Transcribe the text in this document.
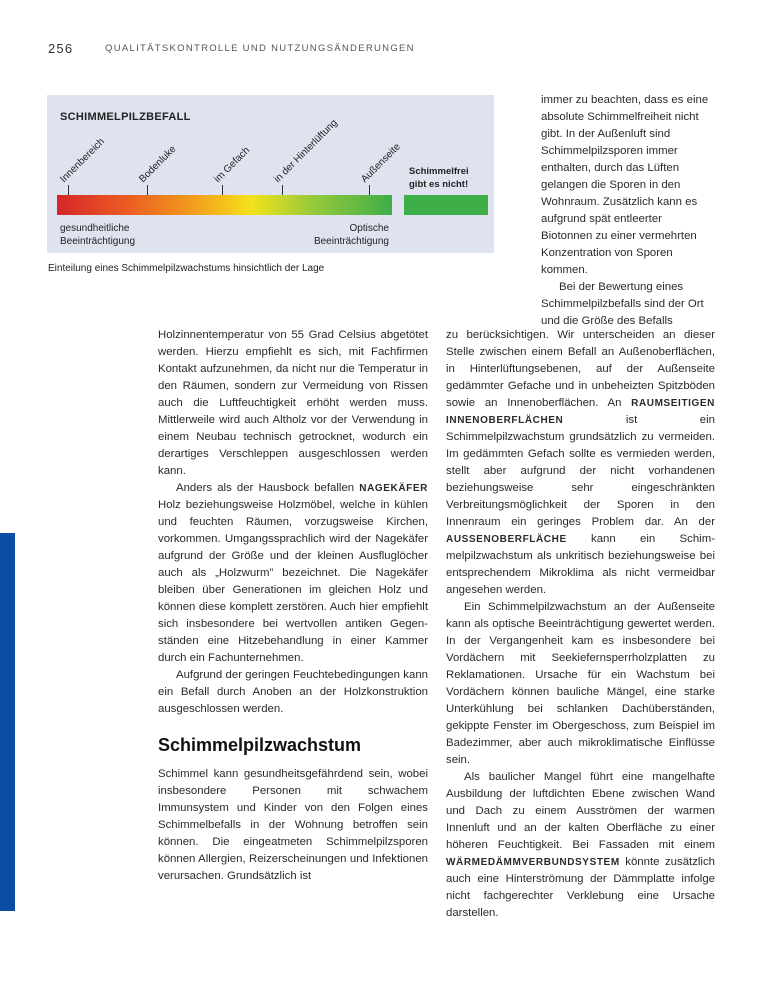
256	QUALITÄTSKONTROLLE UND NUTZUNGSÄNDERUNGEN
SCHIMMELPILZBEFALL
Innenbereich	Bodenluke	im Gefach in der Hinterlüftung Außenseite Schimmelfrei
gibt es nicht!
gesundheitliche
Beeinträchtigung
Optische
Beeinträchtigung
Einteilung eines Schimmelpilzwachstums hinsichtlich der Lage

immer zu beachten, dass es eine absolute Schimmelfreiheit nicht gibt. In der Außenluft sind Schimmelpilzsporen immer enthalten, durch das Lüften gelangen die Sporen in den Wohnraum. Zusätzlich kann es aufgrund spät entleerter Biotonnen zu einer vermehrten Konzentration von Sporen kommen.

Bei der Bewertung eines Schimmelpilzbefalls sind der Ort und die Größe des Befalls

Holzinnentemperatur von 55 Grad Celsius abgetötet werden. Hierzu empfiehlt es sich, mit Fachfirmen Kontakt aufzunehmen, da nicht nur die Temperatur in den Räumen, sondern zur Vermeidung von Rissen auch die Luftfeuchtigkeit erhöht werden muss. Mittlerweile wird auch Altholz vor der Verwendung in einem Neubau technisch getrocknet, wodurch ein derartiges Verschleppen ausgeschlossen werden kann.

Anders als der Hausbock befallen NAGEKÄFER Holz beziehungsweise Holzmöbel, welche in kühlen und feuchten Räumen, vorzugsweise Kirchen, vorkommen. Umgangssprachlich wird der Nagekäfer aufgrund der Größe und der kleinen Ausfluglöcher auch als „Holzwurm” bezeichnet. Die Nagekäfer bleiben über Generationen im gleichen Holz und können diese komplett zerstören. Auch hier empfiehlt sich insbesondere bei wertvollen antiken Gegenständen eine Hitzebehandlung in einer Kammer durch ein Fachunternehmen.

Aufgrund der geringen Feuchtebedingungen kann ein Befall durch Anoben an der Holzkonstruktion ausgeschlossen werden.

Schimmelpilzwachstum

Schimmel kann gesundheitsgefährdend sein, wobei insbesondere Personen mit schwachem Immunsystem und Kinder von den Folgen eines Schimmelbefalls in der Wohnung betroffen sein können. Die eingeatmeten Schimmelpilzsporen können Allergien, Reizerscheinungen und Infektionen verursachen. Grundsätzlich ist

zu berücksichtigen. Wir unterscheiden an dieser Stelle zwischen einem Befall an Außenoberflächen, in Hinterlüftungsebenen, auf der Außenseite gedämmter Gefache und in unbeheizten Spitzböden sowie an Innenoberflächen. An RAUMSEITIGEN INNENOBERFLÄCHEN ist ein Schimmelpilzwachstum grundsätzlich zu vermeiden. Im gedämmten Gefach sollte es vermieden werden, stellt aber aufgrund der nicht vorhandenen beziehungsweise sehr eingeschränkten Verbreitungsmöglichkeit der Sporen in den Innenraum ein geringes Problem dar. An der AUSSENOBERFLÄCHE kann ein Schimmelpilzwachstum als unkritisch beziehungsweise bei entsprechendem Mikroklima als nicht vermeidbar angesehen werden.

Ein Schimmelpilzwachstum an der Außenseite kann als optische Beeinträchtigung gewertet werden. In der Vergangenheit kam es insbesondere bei Vordächern mit Seekiefernsperrholzplatten zu Reklamationen. Ursache für ein Wachstum bei Vordächern können bauliche Mängel, eine starke Unterkühlung bei schlanken Dachüberständen, gekippte Fenster im Obergeschoss, zum Beispiel im Badezimmer, aber auch mikroklimatische Einflüsse sein.

Als baulicher Mangel führt eine mangelhafte Ausbildung der luftdichten Ebene zwischen Wand und Dach zu einem Ausströmen der warmen Innenluft und an der kalten Oberfläche zu einer höheren Feuchtigkeit. Bei Fassaden mit einem WÄRMEDÄMMVERBUNDSYSTEM könnte zusätzlich auch eine Hinterströmung der Dämmplatte infolge nicht fachgerechter Verklebung eine Ursache darstellen.
